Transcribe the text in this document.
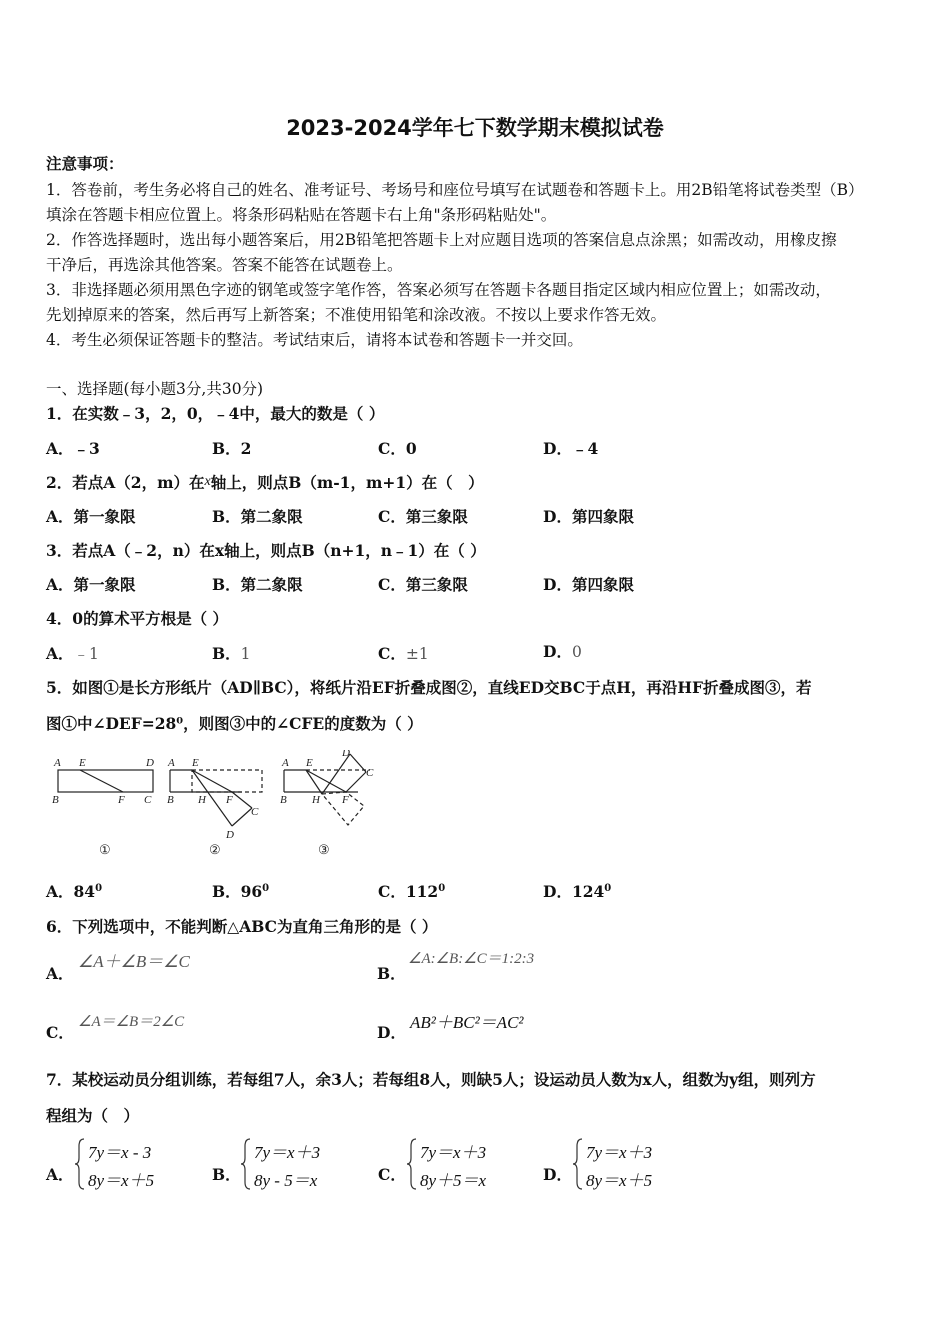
2023-2024学年七下数学期末模拟试卷
注意事项：
1．答卷前，考生务必将自己的姓名、准考证号、考场号和座位号填写在试题卷和答题卡上。用2B铅笔将试卷类型（B）
填涂在答题卡相应位置上。将条形码粘贴在答题卡右上角"条形码粘贴处"。
2．作答选择题时，选出每小题答案后，用2B铅笔把答题卡上对应题目选项的答案信息点涂黑；如需改动，用橡皮擦
干净后，再选涂其他答案。答案不能答在试题卷上。
3．非选择题必须用黑色字迹的钢笔或签字笔作答，答案必须写在答题卡各题目指定区域内相应位置上；如需改动，
先划掉原来的答案，然后再写上新答案；不准使用铅笔和涂改液。不按以上要求作答无效。
4．考生必须保证答题卡的整洁。考试结束后，请将本试卷和答题卡一并交回。
一、选择题(每小题3分,共30分)
1．在实数﹣3，2，0，﹣4中，最大的数是（ ）
A．﹣3	B．2	C．0	D．﹣4
2．若点A（2，m）在x轴上，则点B（m-1，m+1）在（　）
A．第一象限	B．第二象限	C．第三象限	D．第四象限
3．若点A（﹣2，n）在x轴上，则点B（n+1，n﹣1）在（ ）
A．第一象限	B．第二象限	C．第三象限	D．第四象限
4．0的算术平方根是（ ）
A．﹣1	B．1	C．±1	D．0
5．如图①是长方形纸片（AD∥BC），将纸片沿EF折叠成图②，直线ED交BC于点H，再沿HF折叠成图③，若
图①中∠DEF=28⁰，则图③中的∠CFE的度数为（ ）
A E	D
B	F C
A E
B H F
C
D
A E
D
C
B H F
①	②	③
A．$84^0$	B．$96^0$	C．$112^0$	D．$124^0$
6．下列选项中，不能判断△ABC为直角三角形的是（ ）
A．
∠A＋∠B＝∠C
B．
∠A:∠B:∠C＝1:2:3
C．
∠A＝∠B＝2∠C
D．
AB²＋BC²＝AC²
7．某校运动员分组训练，若每组7人，余3人；若每组8人，则缺5人；设运动员人数为x人，组数为y组，则列方
程组为（　）
A．
7y＝x - 3
8y＝x＋5	B．
7y＝x＋3
8y - 5＝x	C．
7y＝x＋3
8y＋5＝x	D．
7y＝x＋3
8y＝x＋5
